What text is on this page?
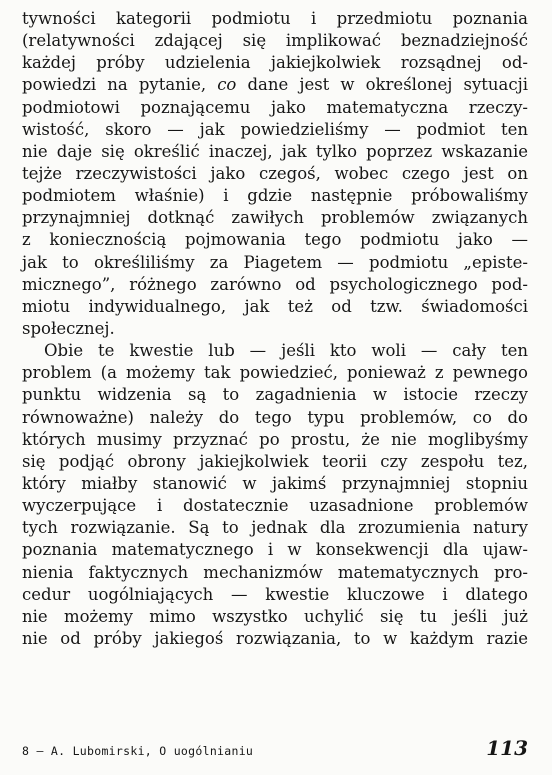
tywności kategorii podmiotu i przedmiotu poznania
(relatywności zdającej się implikować beznadziejność
każdej próby udzielenia jakiejkolwiek rozsądnej od-
powiedzi na pytanie, co dane jest w określonej sytuacji
podmiotowi poznającemu jako matematyczna rzeczy-
wistość, skoro — jak powiedzieliśmy — podmiot ten
nie daje się określić inaczej, jak tylko poprzez wskazanie
tejże rzeczywistości jako czegoś, wobec czego jest on
podmiotem właśnie) i gdzie następnie próbowaliśmy
przynajmniej dotknąć zawiłych problemów związanych
z koniecznością pojmowania tego podmiotu jako —
jak to określiliśmy za Piagetem — podmiotu „episte-
micznego”, różnego zarówno od psychologicznego pod-
miotu indywidualnego, jak też od tzw. świadomości
społecznej.
Obie te kwestie lub — jeśli kto woli — cały ten
problem (a możemy tak powiedzieć, ponieważ z pewnego
punktu widzenia są to zagadnienia w istocie rzeczy
równoważne) należy do tego typu problemów, co do
których musimy przyznać po prostu, że nie moglibyśmy
się podjąć obrony jakiejkolwiek teorii czy zespołu tez,
który miałby stanowić w jakimś przynajmniej stopniu
wyczerpujące i dostatecznie uzasadnione problemów
tych rozwiązanie. Są to jednak dla zrozumienia natury
poznania matematycznego i w konsekwencji dla ujaw-
nienia faktycznych mechanizmów matematycznych pro-
cedur uogólniających — kwestie kluczowe i dlatego
nie możemy mimo wszystko uchylić się tu jeśli już
nie od próby jakiegoś rozwiązania, to w każdym razie
8 — A. Lubomirski, O uogólnianiu	113
